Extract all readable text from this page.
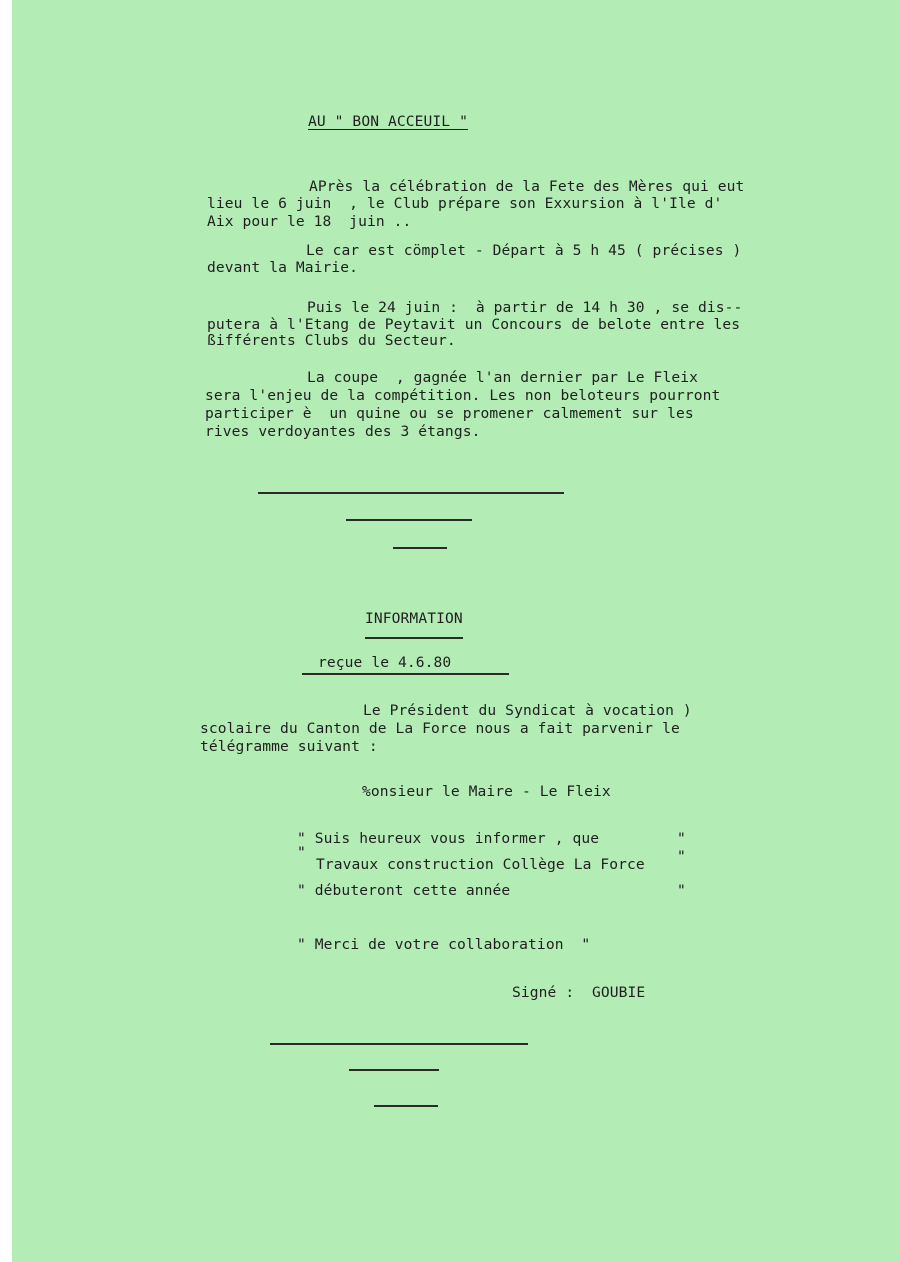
AU " BON ACCEUIL "
APrès la célébration de la Fete des Mères qui eut
lieu le 6 juin  , le Club prépare son Exxursion à l'Ile d'
Aix pour le 18  juin ..
Le car est cömplet - Départ à 5 h 45 ( précises )
devant la Mairie.
Puis le 24 juin :  à partir de 14 h 30 , se dis--
putera à l'Etang de Peytavit un Concours de belote entre les
ßifférents Clubs du Secteur.
La coupe  , gagnée l'an dernier par Le Fleix
sera l'enjeu de la compétition. Les non beloteurs pourront
participer è  un quine ou se promener calmement sur les
rives verdoyantes des 3 étangs.
INFORMATION
reçue le 4.6.80
Le Président du Syndicat à vocation )
scolaire du Canton de La Force nous a fait parvenir le
télégramme suivant :
%onsieur le Maire - Le Fleix
" Suis heureux vous informer , que	"
"
Travaux construction Collège La Force "
" débuteront cette année	"
" Merci de votre collaboration  "
Signé :  GOUBIE
